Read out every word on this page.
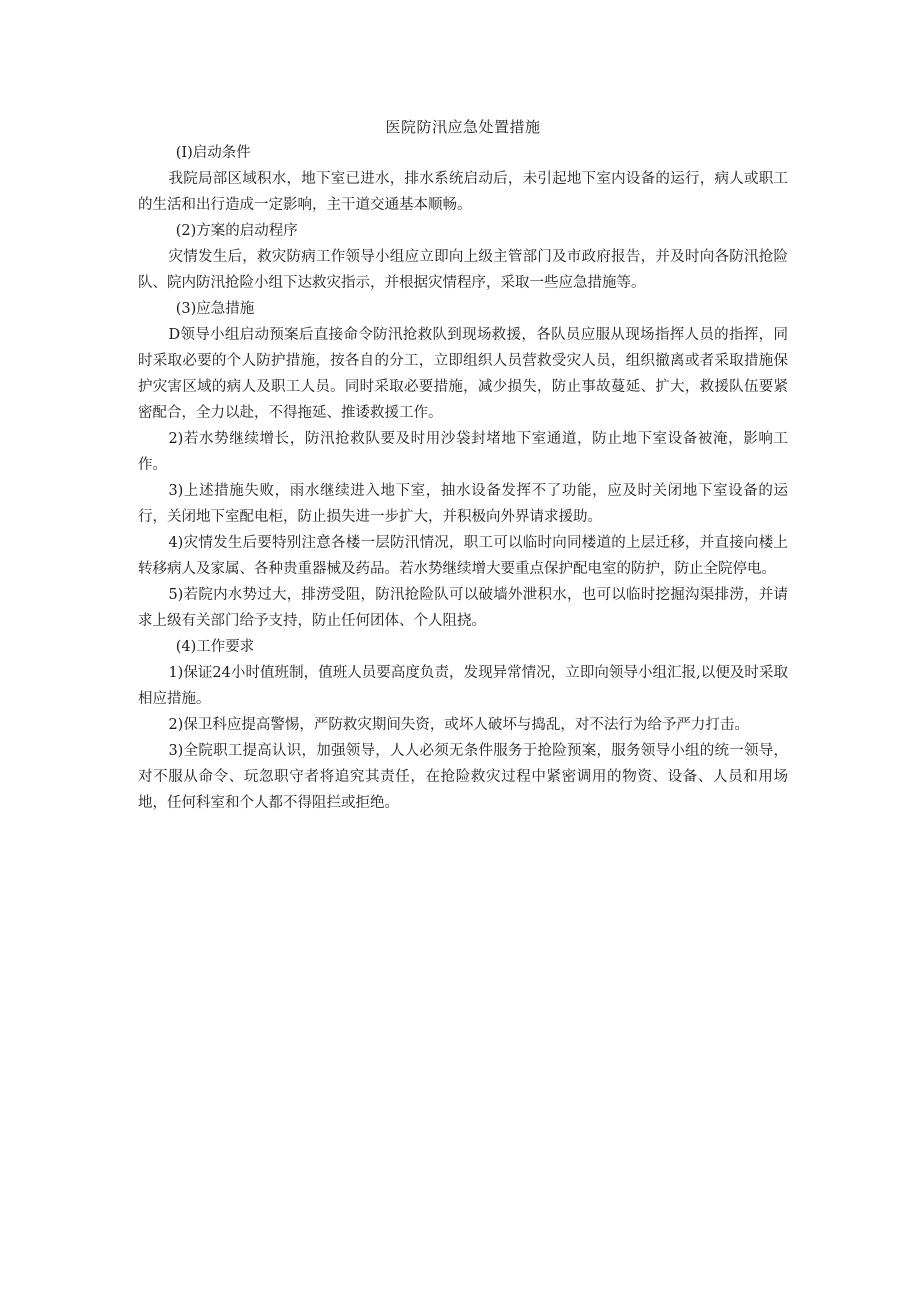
医院防汛应急处置措施

(I)启动条件

我院局部区域积水，地下室已进水，排水系统启动后，未引起地下室内设备的运行，病人或职工的生活和出行造成一定影响，主干道交通基本顺畅。

(2)方案的启动程序

灾情发生后，救灾防病工作领导小组应立即向上级主管部门及市政府报告，并及时向各防汛抢险队、院内防汛抢险小组下达救灾指示，并根据灾情程序，采取一些应急措施等。

(3)应急措施

D领导小组启动预案后直接命令防汛抢救队到现场救援，各队员应服从现场指挥人员的指挥，同时采取必要的个人防护措施，按各自的分工，立即组织人员营救受灾人员，组织撤离或者采取措施保护灾害区域的病人及职工人员。同时采取必要措施，减少损失，防止事故蔓延、扩大，救援队伍要紧密配合，全力以赴，不得拖延、推诿救援工作。

2)若水势继续增长，防汛抢救队要及时用沙袋封堵地下室通道，防止地下室设备被淹，影响工作。

3)上述措施失败，雨水继续进入地下室，抽水设备发挥不了功能，应及时关闭地下室设备的运行，关闭地下室配电柜，防止损失进一步扩大，并积极向外界请求援助。

4)灾情发生后要特别注意各楼一层防汛情况，职工可以临时向同楼道的上层迁移，并直接向楼上转移病人及家属、各种贵重器械及药品。若水势继续增大要重点保护配电室的防护，防止全院停电。

5)若院内水势过大，排涝受阻，防汛抢险队可以破墙外泄积水，也可以临时挖掘沟渠排涝，并请求上级有关部门给予支持，防止任何团体、个人阻挠。

(4)工作要求

1)保证24小时值班制，值班人员要高度负责，发现异常情况，立即向领导小组汇报,以便及时采取相应措施。

2)保卫科应提高警惕，严防救灾期间失资，或坏人破坏与捣乱，对不法行为给予严力打击。

3)全院职工提高认识，加强领导，人人必须无条件服务于抢险预案，服务领导小组的统一领导，对不服从命令、玩忽职守者将追究其责任，在抢险救灾过程中紧密调用的物资、设备、人员和用场地，任何科室和个人都不得阻拦或拒绝。
